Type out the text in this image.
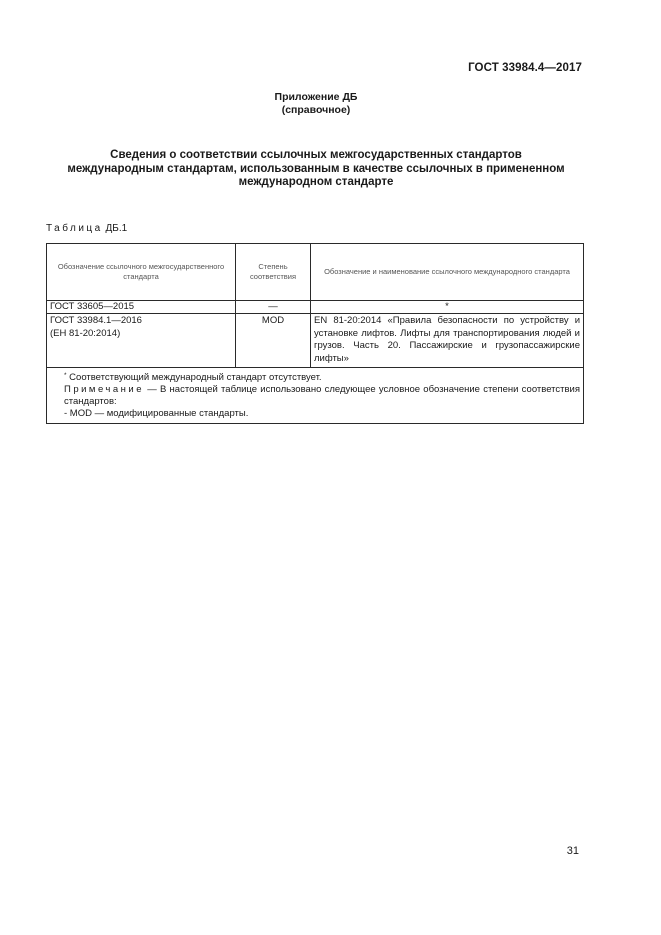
ГОСТ 33984.4—2017
Приложение ДБ
(справочное)
Сведения о соответствии ссылочных межгосударственных стандартов
международным стандартам, использованным в качестве ссылочных в примененном
международном стандарте
Таблица ДБ.1
Обозначение ссылочного межгосударственного стандарта	Степень соответствия	Обозначение и наименование ссылочного международного стандарта
ГОСТ 33605—2015	—	*

ГОСТ 33984.1—2016
(ЕН 81-20:2014)	MOD	EN 81-20:2014 «Правила безопасности по устройству и установке лифтов. Лифты для транспортирования людей и грузов. Часть 20. Пассажирские и грузопассажирские лифты»

* Соответствующий международный стандарт отсутствует.
Примечание — В настоящей таблице использовано следующее условное обозначение степени соответствия стандартов:
- MOD — модифицированные стандарты.		
31
